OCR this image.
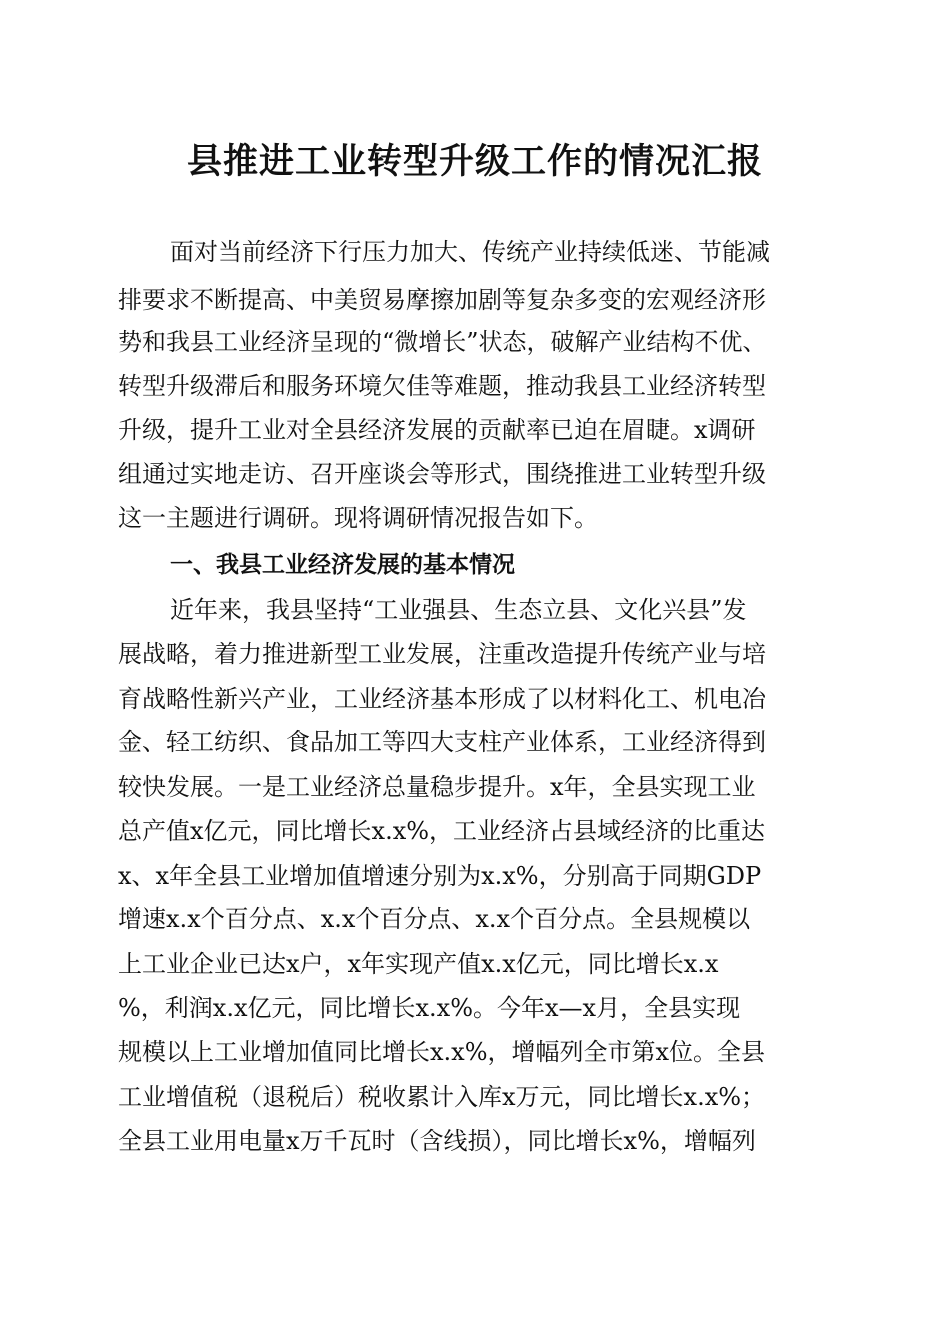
县推进工业转型升级工作的情况汇报
面对当前经济下行压力加大、传统产业持续低迷、节能减
排要求不断提高、中美贸易摩擦加剧等复杂多变的宏观经济形
势和我县工业经济呈现的“微增长”状态，破解产业结构不优、
转型升级滞后和服务环境欠佳等难题，推动我县工业经济转型
升级，提升工业对全县经济发展的贡献率已迫在眉睫。x调研
组通过实地走访、召开座谈会等形式，围绕推进工业转型升级
这一主题进行调研。现将调研情况报告如下。
一、我县工业经济发展的基本情况
近年来，我县坚持“工业强县、生态立县、文化兴县”发
展战略，着力推进新型工业发展，注重改造提升传统产业与培
育战略性新兴产业，工业经济基本形成了以材料化工、机电冶
金、轻工纺织、食品加工等四大支柱产业体系，工业经济得到
较快发展。一是工业经济总量稳步提升。x年，全县实现工业
总产值x亿元，同比增长x.x%，工业经济占县域经济的比重达
x、x年全县工业增加值增速分别为x.x%，分别高于同期GDP
增速x.x个百分点、x.x个百分点、x.x个百分点。全县规模以
上工业企业已达x户，x年实现产值x.x亿元，同比增长x.x
%，利润x.x亿元，同比增长x.x%。今年x—x月，全县实现
规模以上工业增加值同比增长x.x%，增幅列全市第x位。全县
工业增值税（退税后）税收累计入库x万元，同比增长x.x%；
全县工业用电量x万千瓦时（含线损），同比增长x%，增幅列
